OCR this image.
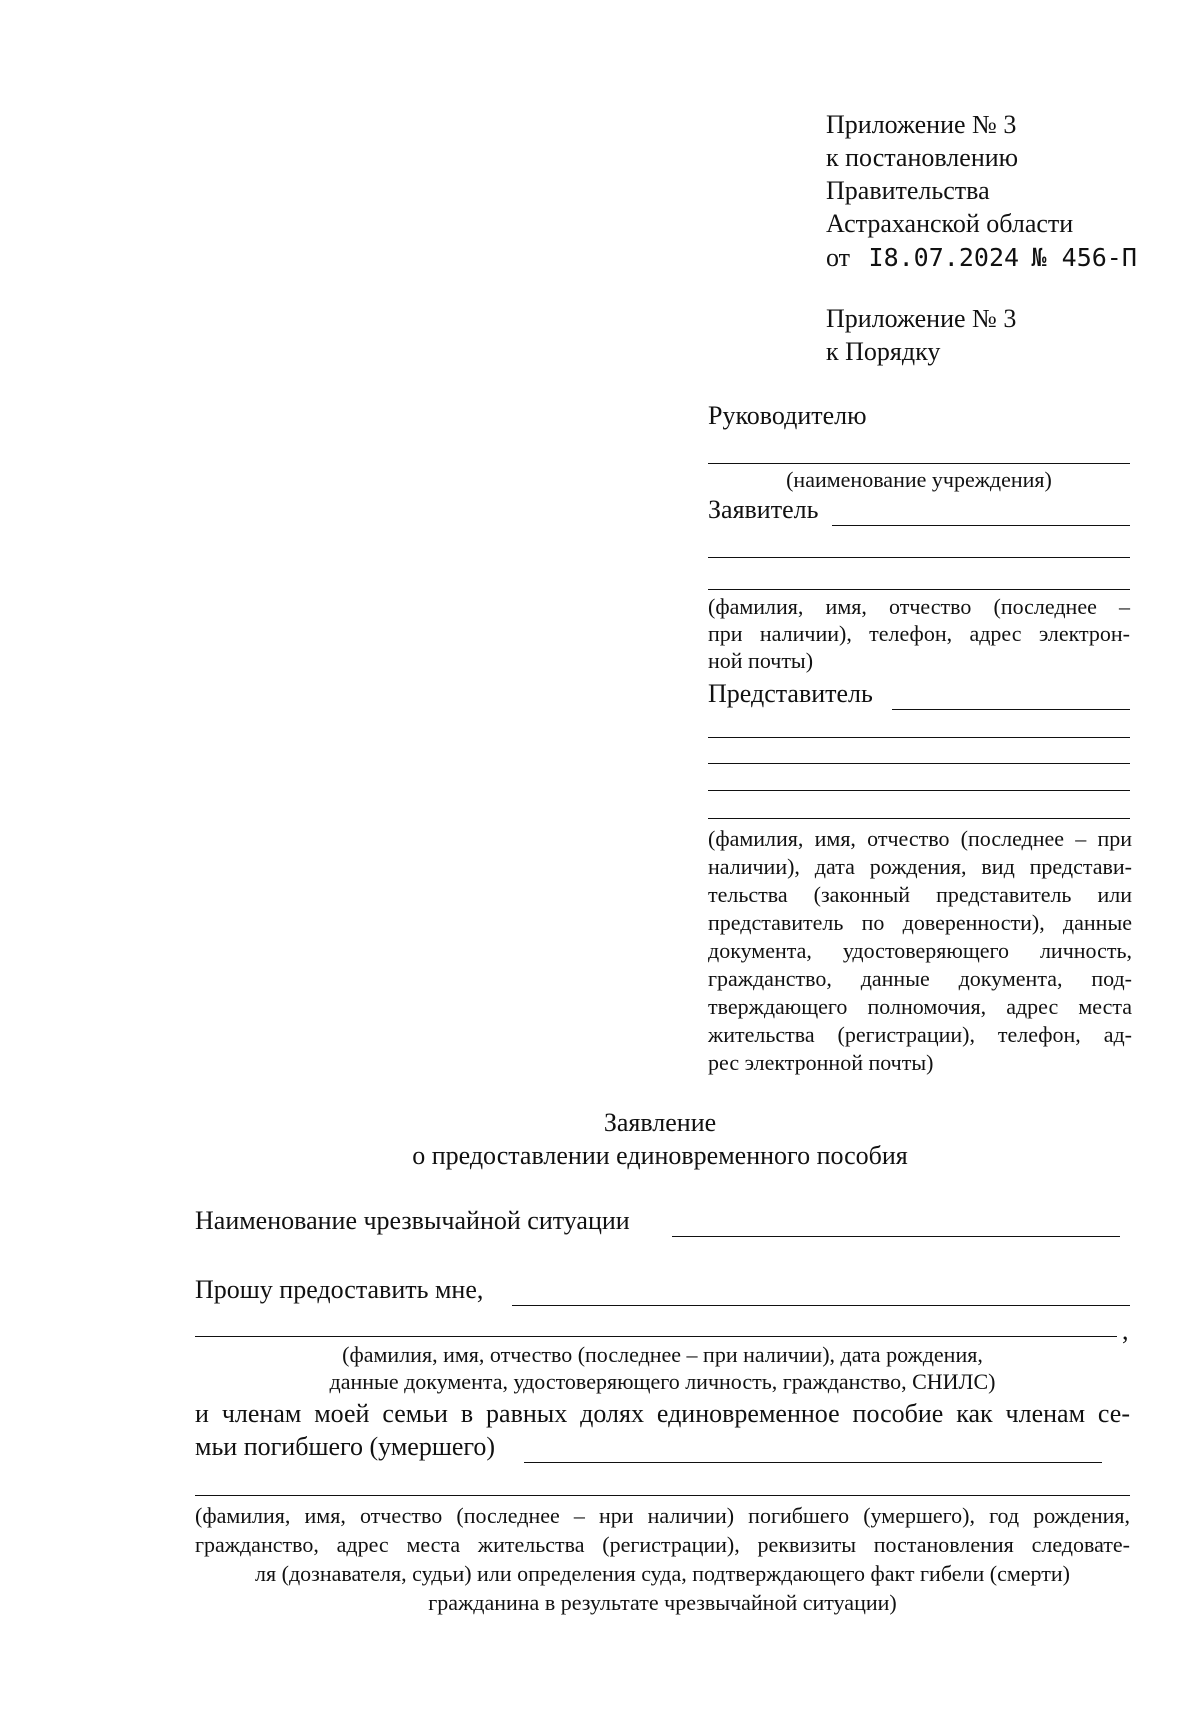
Приложение № 3
к постановлению
Правительства
Астраханской области
от I8.07.2024 № 456-П
Приложение № 3
к Порядку
Руководителю
(наименование учреждения)
Заявитель
(фамилия, имя, отчество (последнее –
при наличии), телефон, адрес электрон-
ной почты)
Представитель
(фамилия, имя, отчество (последнее – при
наличии), дата рождения, вид представи-
тельства (законный представитель или
представитель по доверенности), данные
документа, удостоверяющего личность,
гражданство, данные документа, под-
тверждающего полномочия, адрес места
жительства (регистрации), телефон, ад-
рес электронной почты)
Заявление
о предоставлении единовременного пособия
Наименование чрезвычайной ситуации
Прошу предоставить мне,
,
(фамилия, имя, отчество (последнее – при наличии), дата рождения,
данные документа, удостоверяющего личность, гражданство, СНИЛС)
и членам моей семьи в равных долях единовременное пособие как членам се-
мьи погибшего (умершего)
(фамилия, имя, отчество (последнее – нри наличии) погибшего (умершего), год рождения,
гражданство, адрес места жительства (регистрации), реквизиты постановления следовате-
ля (дознавателя, судьи) или определения суда, подтверждающего факт гибели (смерти)
гражданина в результате чрезвычайной ситуации)
